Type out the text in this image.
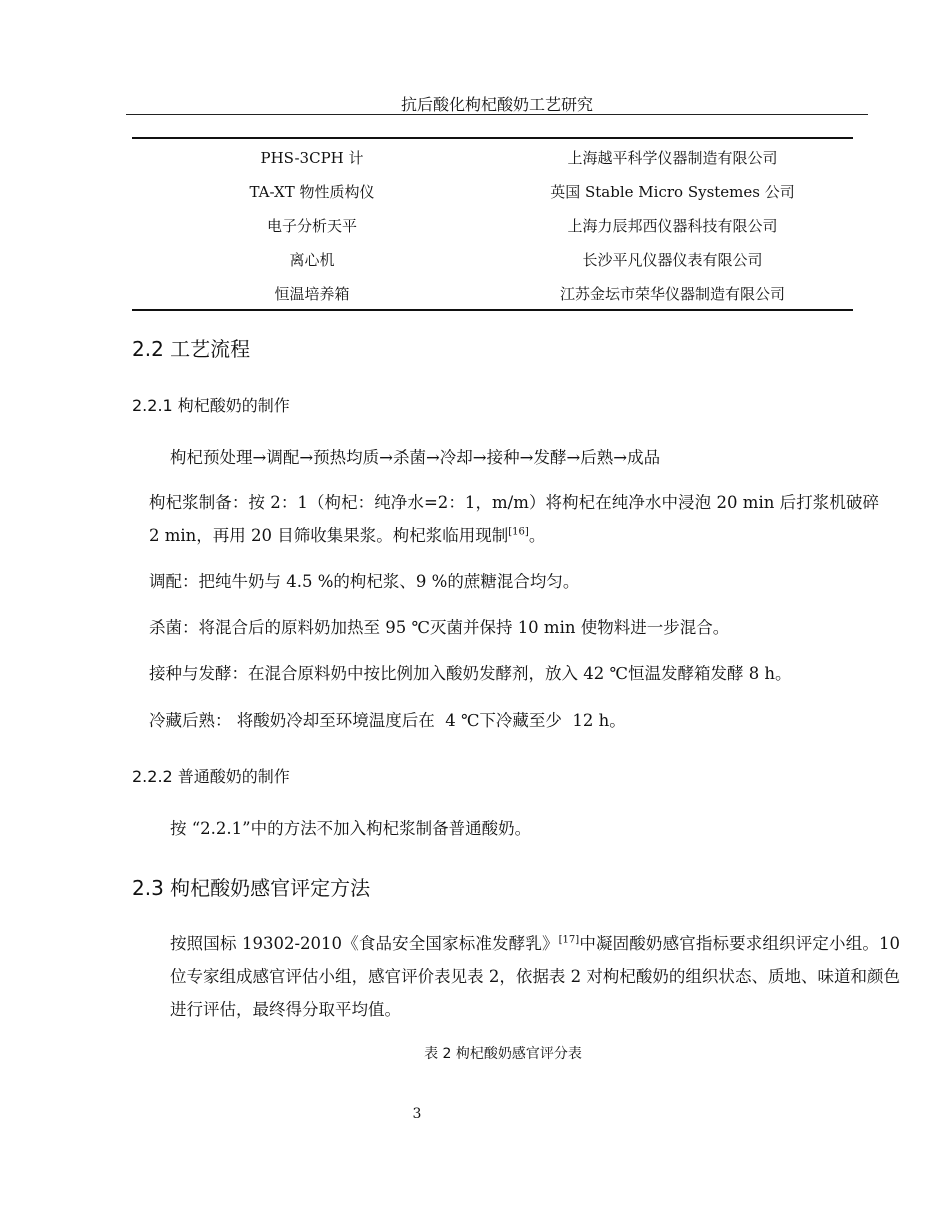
抗后酸化枸杞酸奶工艺研究
PHS-3CPH 计	上海越平科学仪器制造有限公司
TA-XT 物性质构仪	英国 Stable Micro Systemes 公司
电子分析天平	上海力辰邦西仪器科技有限公司
离心机	长沙平凡仪器仪表有限公司
恒温培养箱	江苏金坛市荣华仪器制造有限公司
2.2 工艺流程
2.2.1 枸杞酸奶的制作
枸杞预处理→调配→预热均质→杀菌→冷却→接种→发酵→后熟→成品
枸杞浆制备：按 2：1（枸杞：纯净水=2：1，m/m）将枸杞在纯净水中浸泡 20 min 后打浆机破碎 2 min，再用 20 目筛收集果浆。枸杞浆临用现制[16]。
调配：把纯牛奶与 4.5 %的枸杞浆、9 %的蔗糖混合均匀。
杀菌：将混合后的原料奶加热至 95 ℃灭菌并保持 10 min 使物料进一步混合。
接种与发酵：在混合原料奶中按比例加入酸奶发酵剂，放入 42 ℃恒温发酵箱发酵 8 h。
冷藏后熟： 将酸奶冷却至环境温度后在  4 ℃下冷藏至少  12 h。
2.2.2 普通酸奶的制作
按 “2.2.1”中的方法不加入枸杞浆制备普通酸奶。
2.3 枸杞酸奶感官评定方法
按照国标 19302-2010《食品安全国家标准发酵乳》[17]中凝固酸奶感官指标要求组织评定小组。10 位专家组成感官评估小组，感官评价表见表 2，依据表 2 对枸杞酸奶的组织状态、质地、味道和颜色进行评估，最终得分取平均值。
表 2 枸杞酸奶感官评分表
3
